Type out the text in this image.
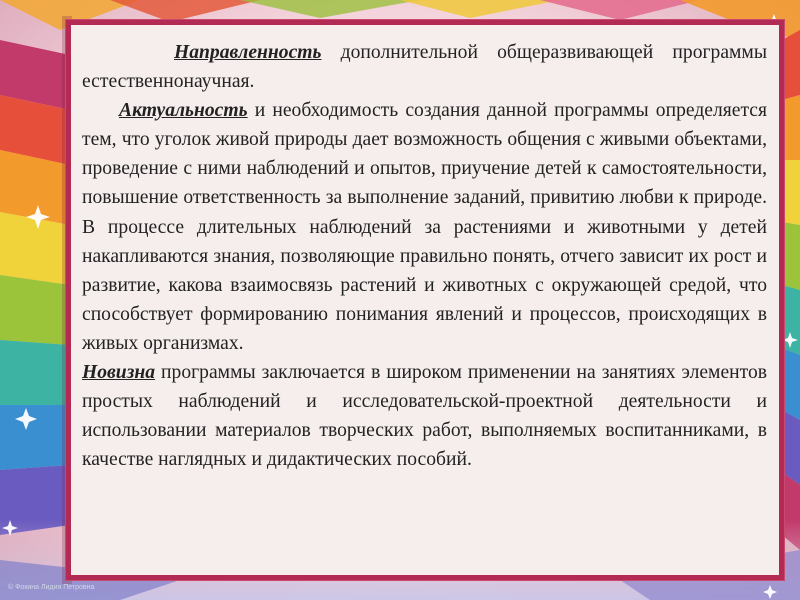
Направленность дополнительной общеразвивающей программы естественнонаучная.

Актуальность и необходимость создания данной программы определяется тем, что уголок живой природы дает возможность общения с живыми объектами, проведение с ними наблюдений и опытов, приучение детей к самостоятельности, повышение ответственность за выполнение заданий, привитию любви к природе. В процессе длительных наблюдений за растениями и животными у детей накапливаются знания, позволяющие правильно понять, отчего зависит их рост и развитие, какова взаимосвязь растений и животных с окружающей средой, что способствует формированию понимания явлений и процессов, происходящих в живых организмах.

Новизна программы заключается в широком применении на занятиях элементов простых наблюдений и исследовательской-проектной деятельности и использовании материалов творческих работ, выполняемых воспитанниками, в качестве наглядных и дидактических пособий.

© Фокина Лидия Петровна
